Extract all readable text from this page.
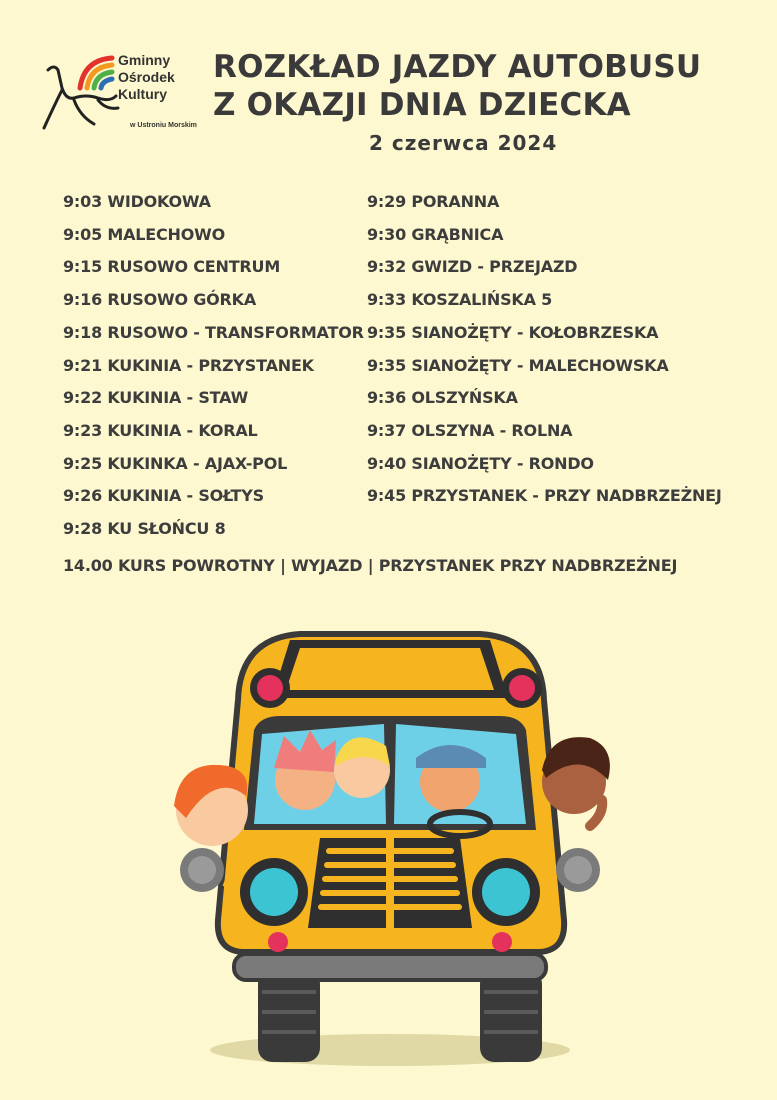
Gminny
Ośrodek
Kultury
w Ustroniu Morskim
ROZKŁAD JAZDY AUTOBUSU
Z OKAZJI DNIA DZIECKA
2 czerwca 2024
9:03 WIDOKOWA
9:05 MALECHOWO
9:15 RUSOWO CENTRUM
9:16 RUSOWO GÓRKA
9:18 RUSOWO - TRANSFORMATOR
9:21 KUKINIA - PRZYSTANEK
9:22 KUKINIA - STAW
9:23 KUKINIA - KORAL
9:25 KUKINKA - AJAX-POL
9:26 KUKINIA - SOŁTYS
9:28 KU SŁOŃCU 8
9:29 PORANNA
9:30 GRĄBNICA
9:32 GWIZD - PRZEJAZD
9:33 KOSZALIŃSKA 5
9:35 SIANOŻĘTY - KOŁOBRZESKA
9:35 SIANOŻĘTY - MALECHOWSKA
9:36 OLSZYŃSKA
9:37 OLSZYNA - ROLNA
9:40 SIANOŻĘTY - RONDO
9:45 PRZYSTANEK - PRZY NADBRZEŻNEJ
14.00 KURS POWROTNY | WYJAZD | PRZYSTANEK PRZY NADBRZEŻNEJ
